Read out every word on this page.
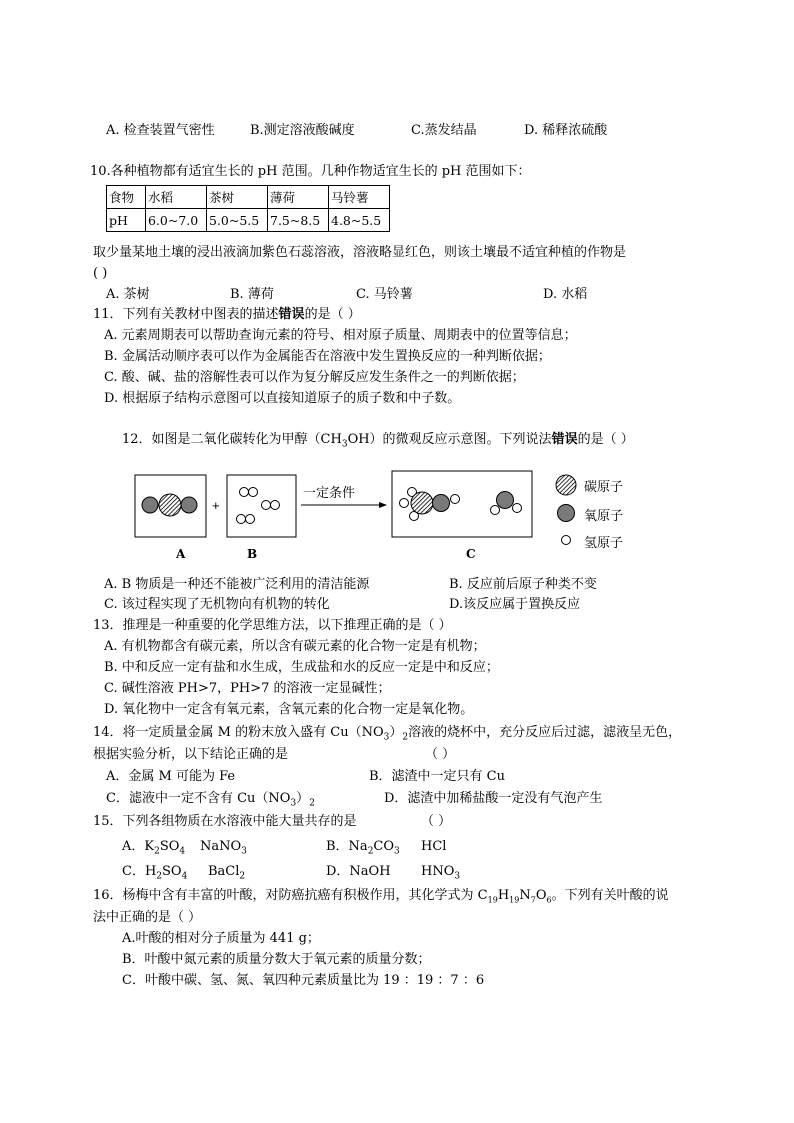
A. 检查装置气密性	B.测定溶液酸碱度	C.蒸发结晶	D. 稀释浓硫酸
10.各种植物都有适宜生长的 pH 范围。几种作物适宜生长的 pH 范围如下：
食物	水稻	茶树	薄荷	马铃薯
pH	6.0~7.0	5.0~5.5	7.5~8.5	4.8~5.5
取少量某地土壤的浸出液滴加紫色石蕊溶液，溶液略显红色，则该土壤最不适宜种植的作物是
( )
A. 茶树	B. 薄荷	C. 马铃薯	D. 水稻
11．下列有关教材中图表的描述错误的是（ ）
A. 元素周期表可以帮助查询元素的符号、相对原子质量、周期表中的位置等信息；
B. 金属活动顺序表可以作为金属能否在溶液中发生置换反应的一种判断依据；
C. 酸、碱、盐的溶解性表可以作为复分解反应发生条件之一的判断依据；
D. 根据原子结构示意图可以直接知道原子的质子数和中子数。
12．如图是二氧化碳转化为甲醇$(CH_3OH)$的微观反应示意图。下列说法错误的是（ ）
+
一定条件
A	B	C
碳原子
氧原子
氢原子
A. B 物质是一种还不能被广泛利用的清洁能源	B. 反应前后原子种类不变
C. 该过程实现了无机物向有机物的转化	D.该反应属于置换反应
13．推理是一种重要的化学思维方法，以下推理正确的是（ ）
A. 有机物都含有碳元素，所以含有碳元素的化合物一定是有机物；
B. 中和反应一定有盐和水生成，生成盐和水的反应一定是中和反应；
C. 碱性溶液 PH>7，PH>7 的溶液一定显碱性；
D. 氧化物中一定含有氧元素，含氧元素的化合物一定是氧化物。
14．将一定质量金属 M 的粉末放入盛有 $Cu(NO_3)_2$溶液的烧杯中，充分反应后过滤，滤液呈无色，
根据实验分析，以下结论正确的是	（ ）
A．金属 M 可能为 Fe	B．滤渣中一定只有 Cu
C．滤液中一定不含有 $Cu(NO_3)_2$	D．滤渣中加稀盐酸一定没有气泡产生
15．下列各组物质在水溶液中能大量共存的是	（ ）
A．$K_2SO_4$ NaNO$_3$	B．$Na_2CO_3$ HCl
C．$H_2SO_4$ BaCl$_2$	D．NaOH $HNO_3$
16．杨梅中含有丰富的叶酸，对防癌抗癌有积极作用，其化学式为 $C_{19}H_{19}N_7O_6$。下列有关叶酸的说
法中正确的是（ ）
A.叶酸的相对分子质量为 441 g；
B．叶酸中氮元素的质量分数大于氧元素的质量分数；
C．叶酸中碳、氢、氮、氧四种元素质量比为 19 ：19 ：7 ：6
